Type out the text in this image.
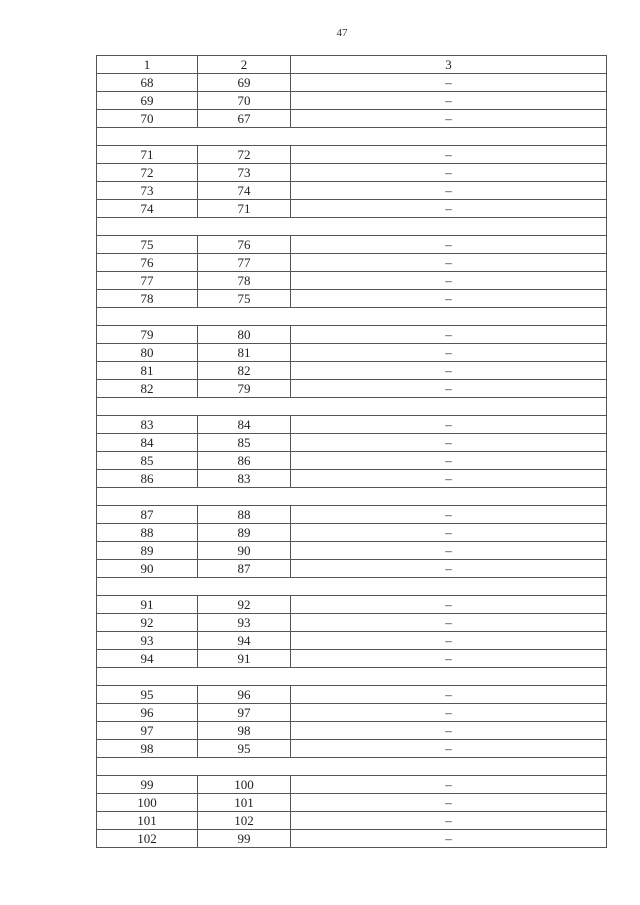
47
1	2	3
68	69	–
69	70	–
70	67	–

71	72	–
72	73	–
73	74	–
74	71	–

75	76	–
76	77	–
77	78	–
78	75	–

79	80	–
80	81	–
81	82	–
82	79	–

83	84	–
84	85	–
85	86	–
86	83	–

87	88	–
88	89	–
89	90	–
90	87	–

91	92	–
92	93	–
93	94	–
94	91	–

95	96	–
96	97	–
97	98	–
98	95	–

99	100	–
100	101	–
101	102	–
102	99	–
